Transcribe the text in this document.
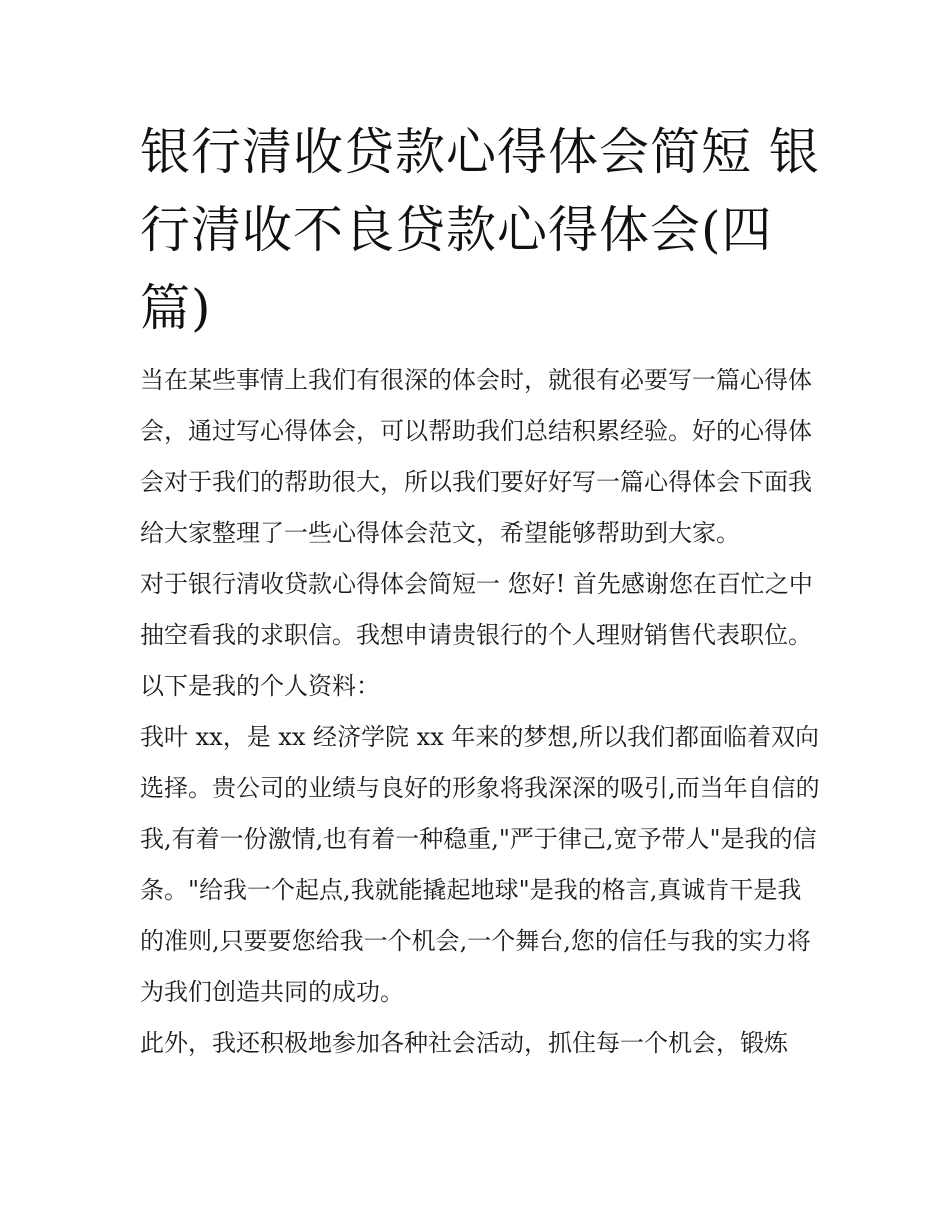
银行清收贷款心得体会简短 银行清收不良贷款心得体会(四篇)

当在某些事情上我们有很深的体会时，就很有必要写一篇心得体会，通过写心得体会，可以帮助我们总结积累经验。好的心得体会对于我们的帮助很大，所以我们要好好写一篇心得体会下面我给大家整理了一些心得体会范文，希望能够帮助到大家。

对于银行清收贷款心得体会简短一 您好! 首先感谢您在百忙之中抽空看我的求职信。我想申请贵银行的个人理财销售代表职位。以下是我的个人资料：

我叶 xx，是 xx 经济学院 xx 年来的梦想,所以我们都面临着双向选择。贵公司的业绩与良好的形象将我深深的吸引,而当年自信的我,有着一份激情,也有着一种稳重,"严于律己,宽予带人"是我的信条。"给我一个起点,我就能撬起地球"是我的格言,真诚肯干是我的准则,只要要您给我一个机会,一个舞台,您的信任与我的实力将为我们创造共同的成功。

此外，我还积极地参加各种社会活动，抓住每一个机会，锻炼
